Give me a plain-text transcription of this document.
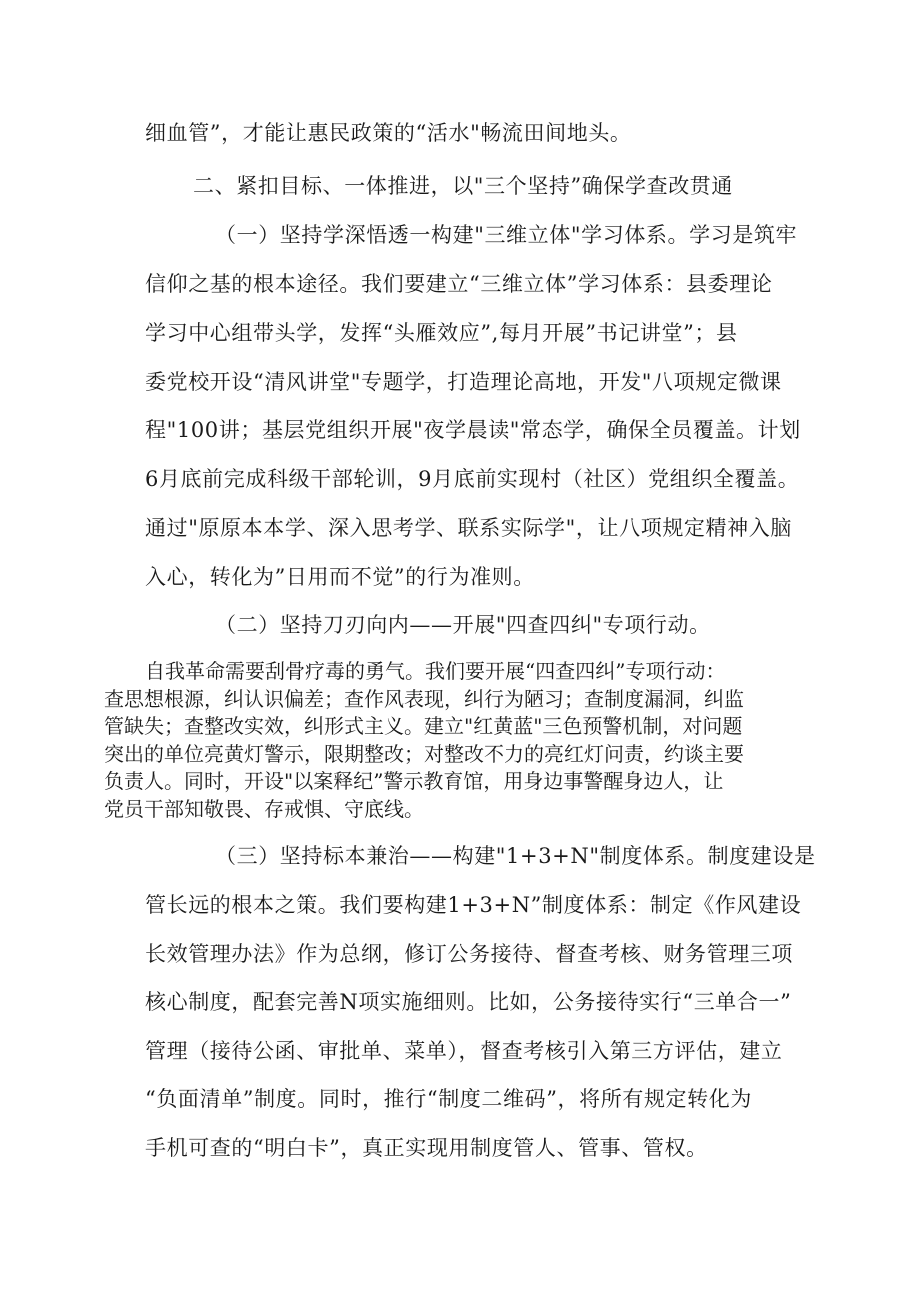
细血管”，才能让惠民政策的“活水"畅流田间地头。
二、紧扣目标、一体推进，以"三个坚持”确保学查改贯通
（一）坚持学深悟透一构建"三维立体"学习体系。学习是筑牢
信仰之基的根本途径。我们要建立“三维立体”学习体系：县委理论
学习中心组带头学，发挥“头雁效应”,每月开展”书记讲堂”；县
委党校开设“清风讲堂"专题学，打造理论高地，开发"八项规定微课
程"100讲；基层党组织开展"夜学晨读"常态学，确保全员覆盖。计划
6月底前完成科级干部轮训，9月底前实现村（社区）党组织全覆盖。
通过"原原本本学、深入思考学、联系实际学"，让八项规定精神入脑
入心，转化为”日用而不觉”的行为准则。
（二）坚持刀刃向内——开展"四查四纠"专项行动。
自我革命需要刮骨疗毒的勇气。我们要开展“四查四纠”专项行动：
查思想根源，纠认识偏差；查作风表现，纠行为陋习；查制度漏洞，纠监
管缺失；查整改实效，纠形式主义。建立"红黄蓝"三色预警机制，对问题
突出的单位亮黄灯警示，限期整改；对整改不力的亮红灯问责，约谈主要
负责人。同时，开设"以案释纪”警示教育馆，用身边事警醒身边人，让
党员干部知敬畏、存戒惧、守底线。
（三）坚持标本兼治——构建"1+3+N"制度体系。制度建设是
管长远的根本之策。我们要构建1+3+N”制度体系：制定《作风建设
长效管理办法》作为总纲，修订公务接待、督查考核、财务管理三项
核心制度，配套完善N项实施细则。比如，公务接待实行“三单合一”
管理（接待公函、审批单、菜单），督查考核引入第三方评估，建立
“负面清单”制度。同时，推行“制度二维码”，将所有规定转化为
手机可查的“明白卡”，真正实现用制度管人、管事、管权。
